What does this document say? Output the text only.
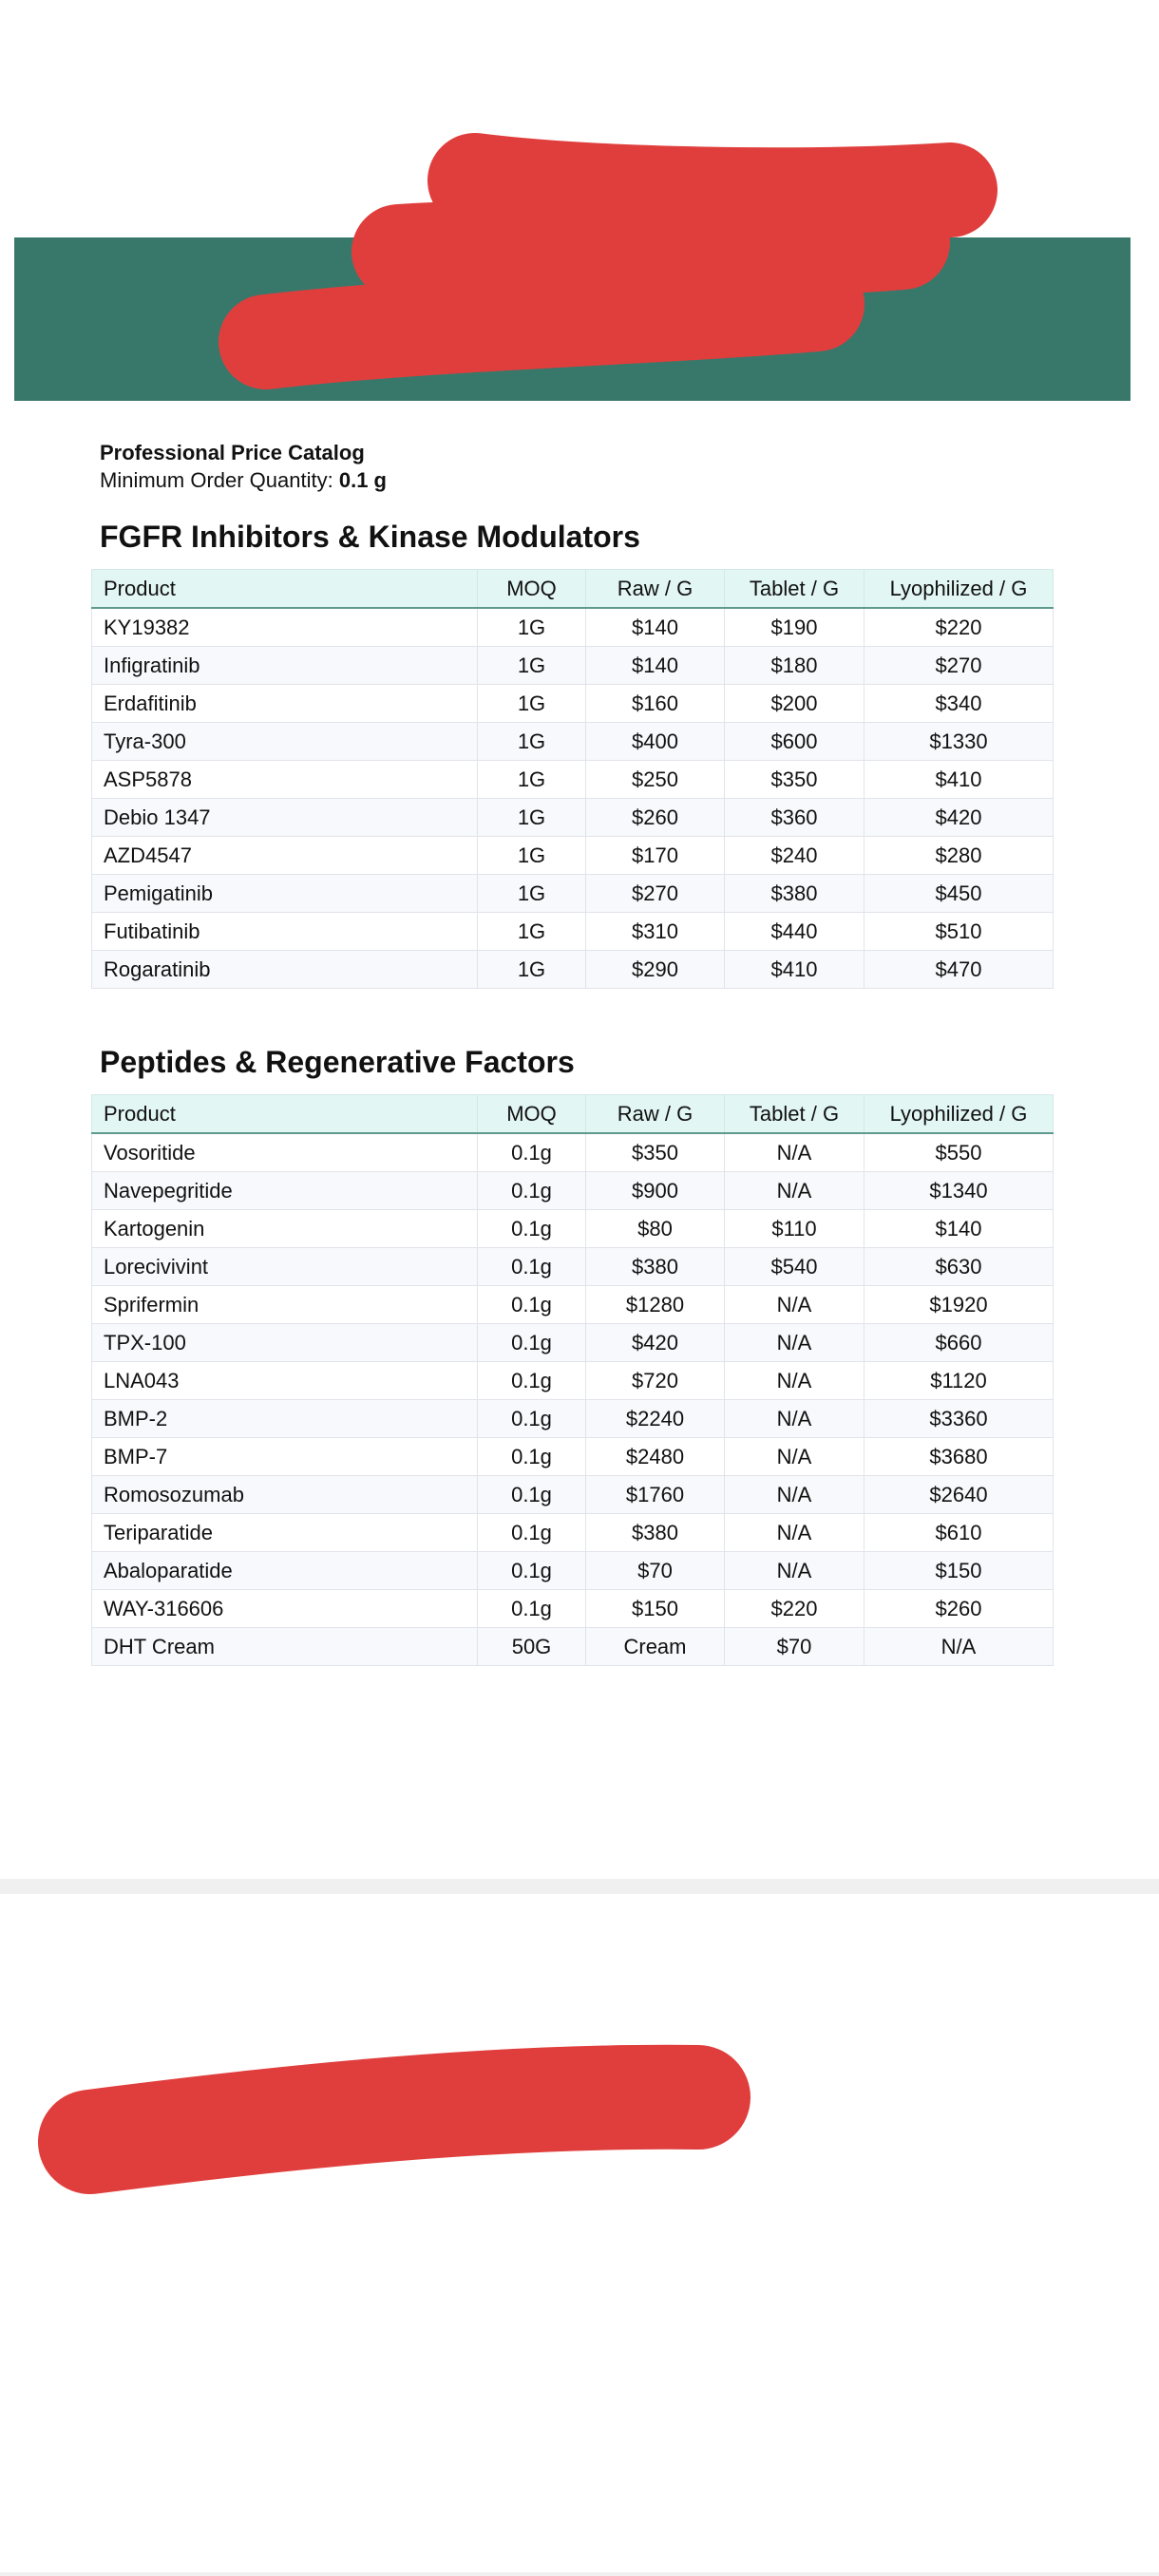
Professional Price Catalog
Minimum Order Quantity: 0.1 g
FGFR Inhibitors & Kinase Modulators
Product	MOQ	Raw / G	Tablet / G	Lyophilized / G
KY19382	1G	$140	$190	$220
Infigratinib	1G	$140	$180	$270
Erdafitinib	1G	$160	$200	$340
Tyra-300	1G	$400	$600	$1330
ASP5878	1G	$250	$350	$410
Debio 1347	1G	$260	$360	$420
AZD4547	1G	$170	$240	$280
Pemigatinib	1G	$270	$380	$450
Futibatinib	1G	$310	$440	$510
Rogaratinib	1G	$290	$410	$470
Peptides & Regenerative Factors
Product	MOQ	Raw / G	Tablet / G	Lyophilized / G
Vosoritide	0.1g	$350	N/A	$550
Navepegritide	0.1g	$900	N/A	$1340
Kartogenin	0.1g	$80	$110	$140
Lorecivivint	0.1g	$380	$540	$630
Sprifermin	0.1g	$1280	N/A	$1920
TPX-100	0.1g	$420	N/A	$660
LNA043	0.1g	$720	N/A	$1120
BMP-2	0.1g	$2240	N/A	$3360
BMP-7	0.1g	$2480	N/A	$3680
Romosozumab	0.1g	$1760	N/A	$2640
Teriparatide	0.1g	$380	N/A	$610
Abaloparatide	0.1g	$70	N/A	$150
WAY-316606	0.1g	$150	$220	$260
DHT Cream	50G	Cream	$70	N/A
